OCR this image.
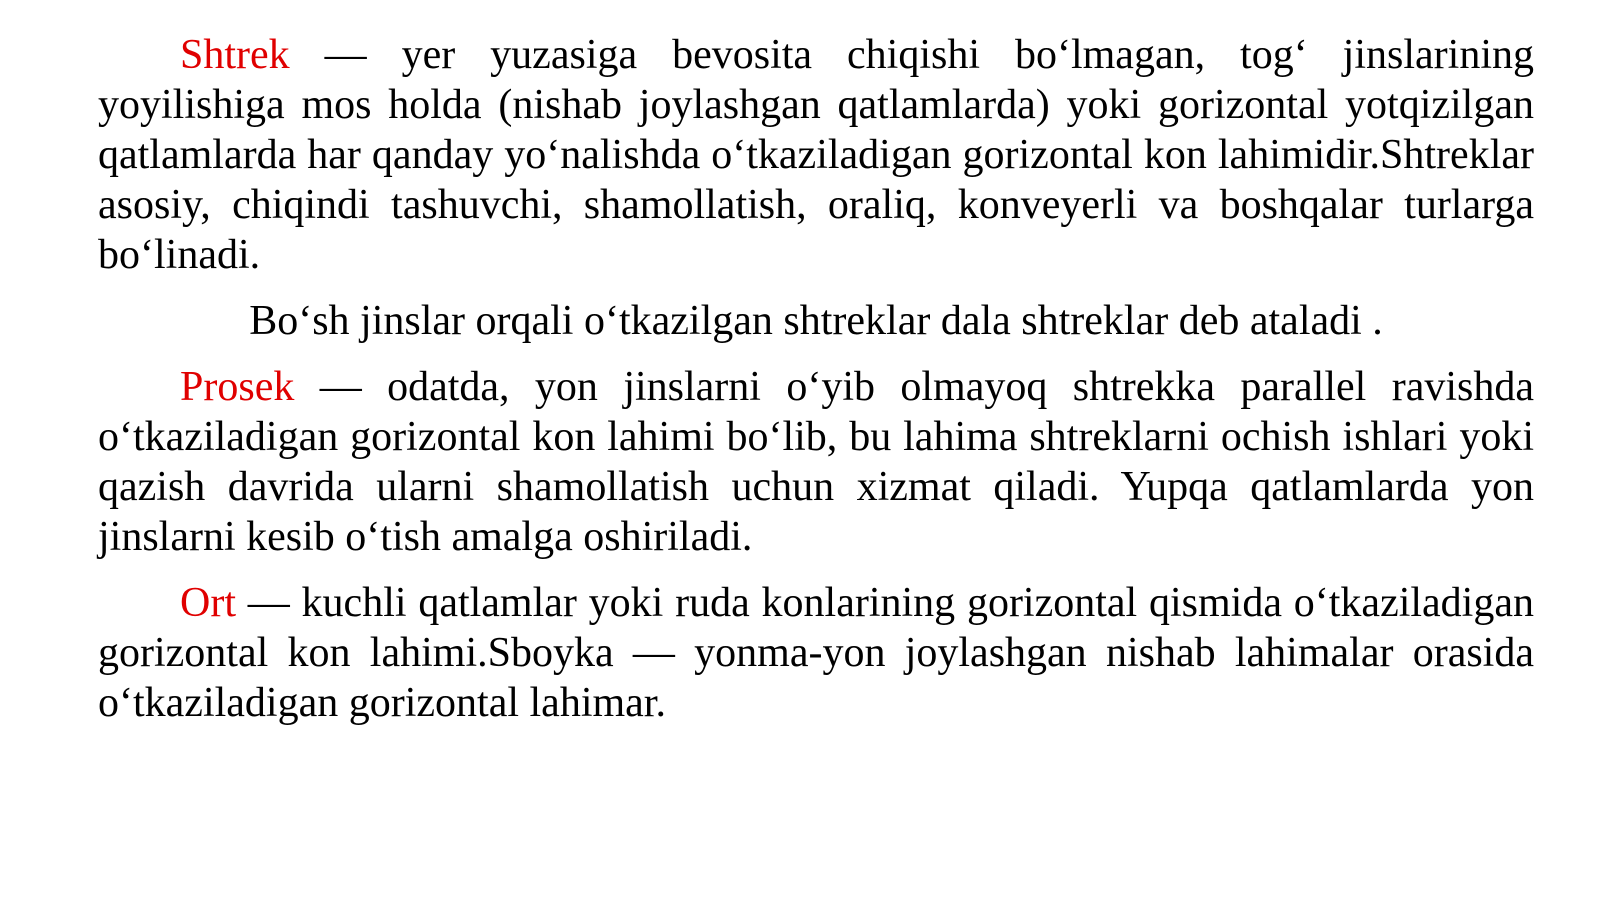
Shtrek — yer yuzasiga bevosita chiqishi bo‘lmagan, tog‘ jinslarining yoyilishiga mos holda (nishab joylashgan qatlamlarda) yoki gorizontal yotqizilgan qatlamlarda har qanday yo‘nalishda o‘tkaziladigan gorizontal kon lahimidir.Shtreklar asosiy, chiqindi tashuvchi, shamollatish, oraliq, konveyerli va boshqalar turlarga bo‘linadi.

Bo‘sh jinslar orqali o‘tkazilgan shtreklar dala shtreklar deb ataladi .

Prosek — odatda, yon jinslarni o‘yib olmayoq shtrekka parallel ravishda o‘tkaziladigan gorizontal kon lahimi bo‘lib, bu lahima shtreklarni ochish ishlari yoki qazish davrida ularni shamollatish uchun xizmat qiladi. Yupqa qatlamlarda yon jinslarni kesib o‘tish amalga oshiriladi.

Ort — kuchli qatlamlar yoki ruda konlarining gorizontal qismida o‘tkaziladigan gorizontal kon lahimi.Sboyka — yonma-yon joylashgan nishab lahimalar orasida o‘tkaziladigan gorizontal lahimar.
